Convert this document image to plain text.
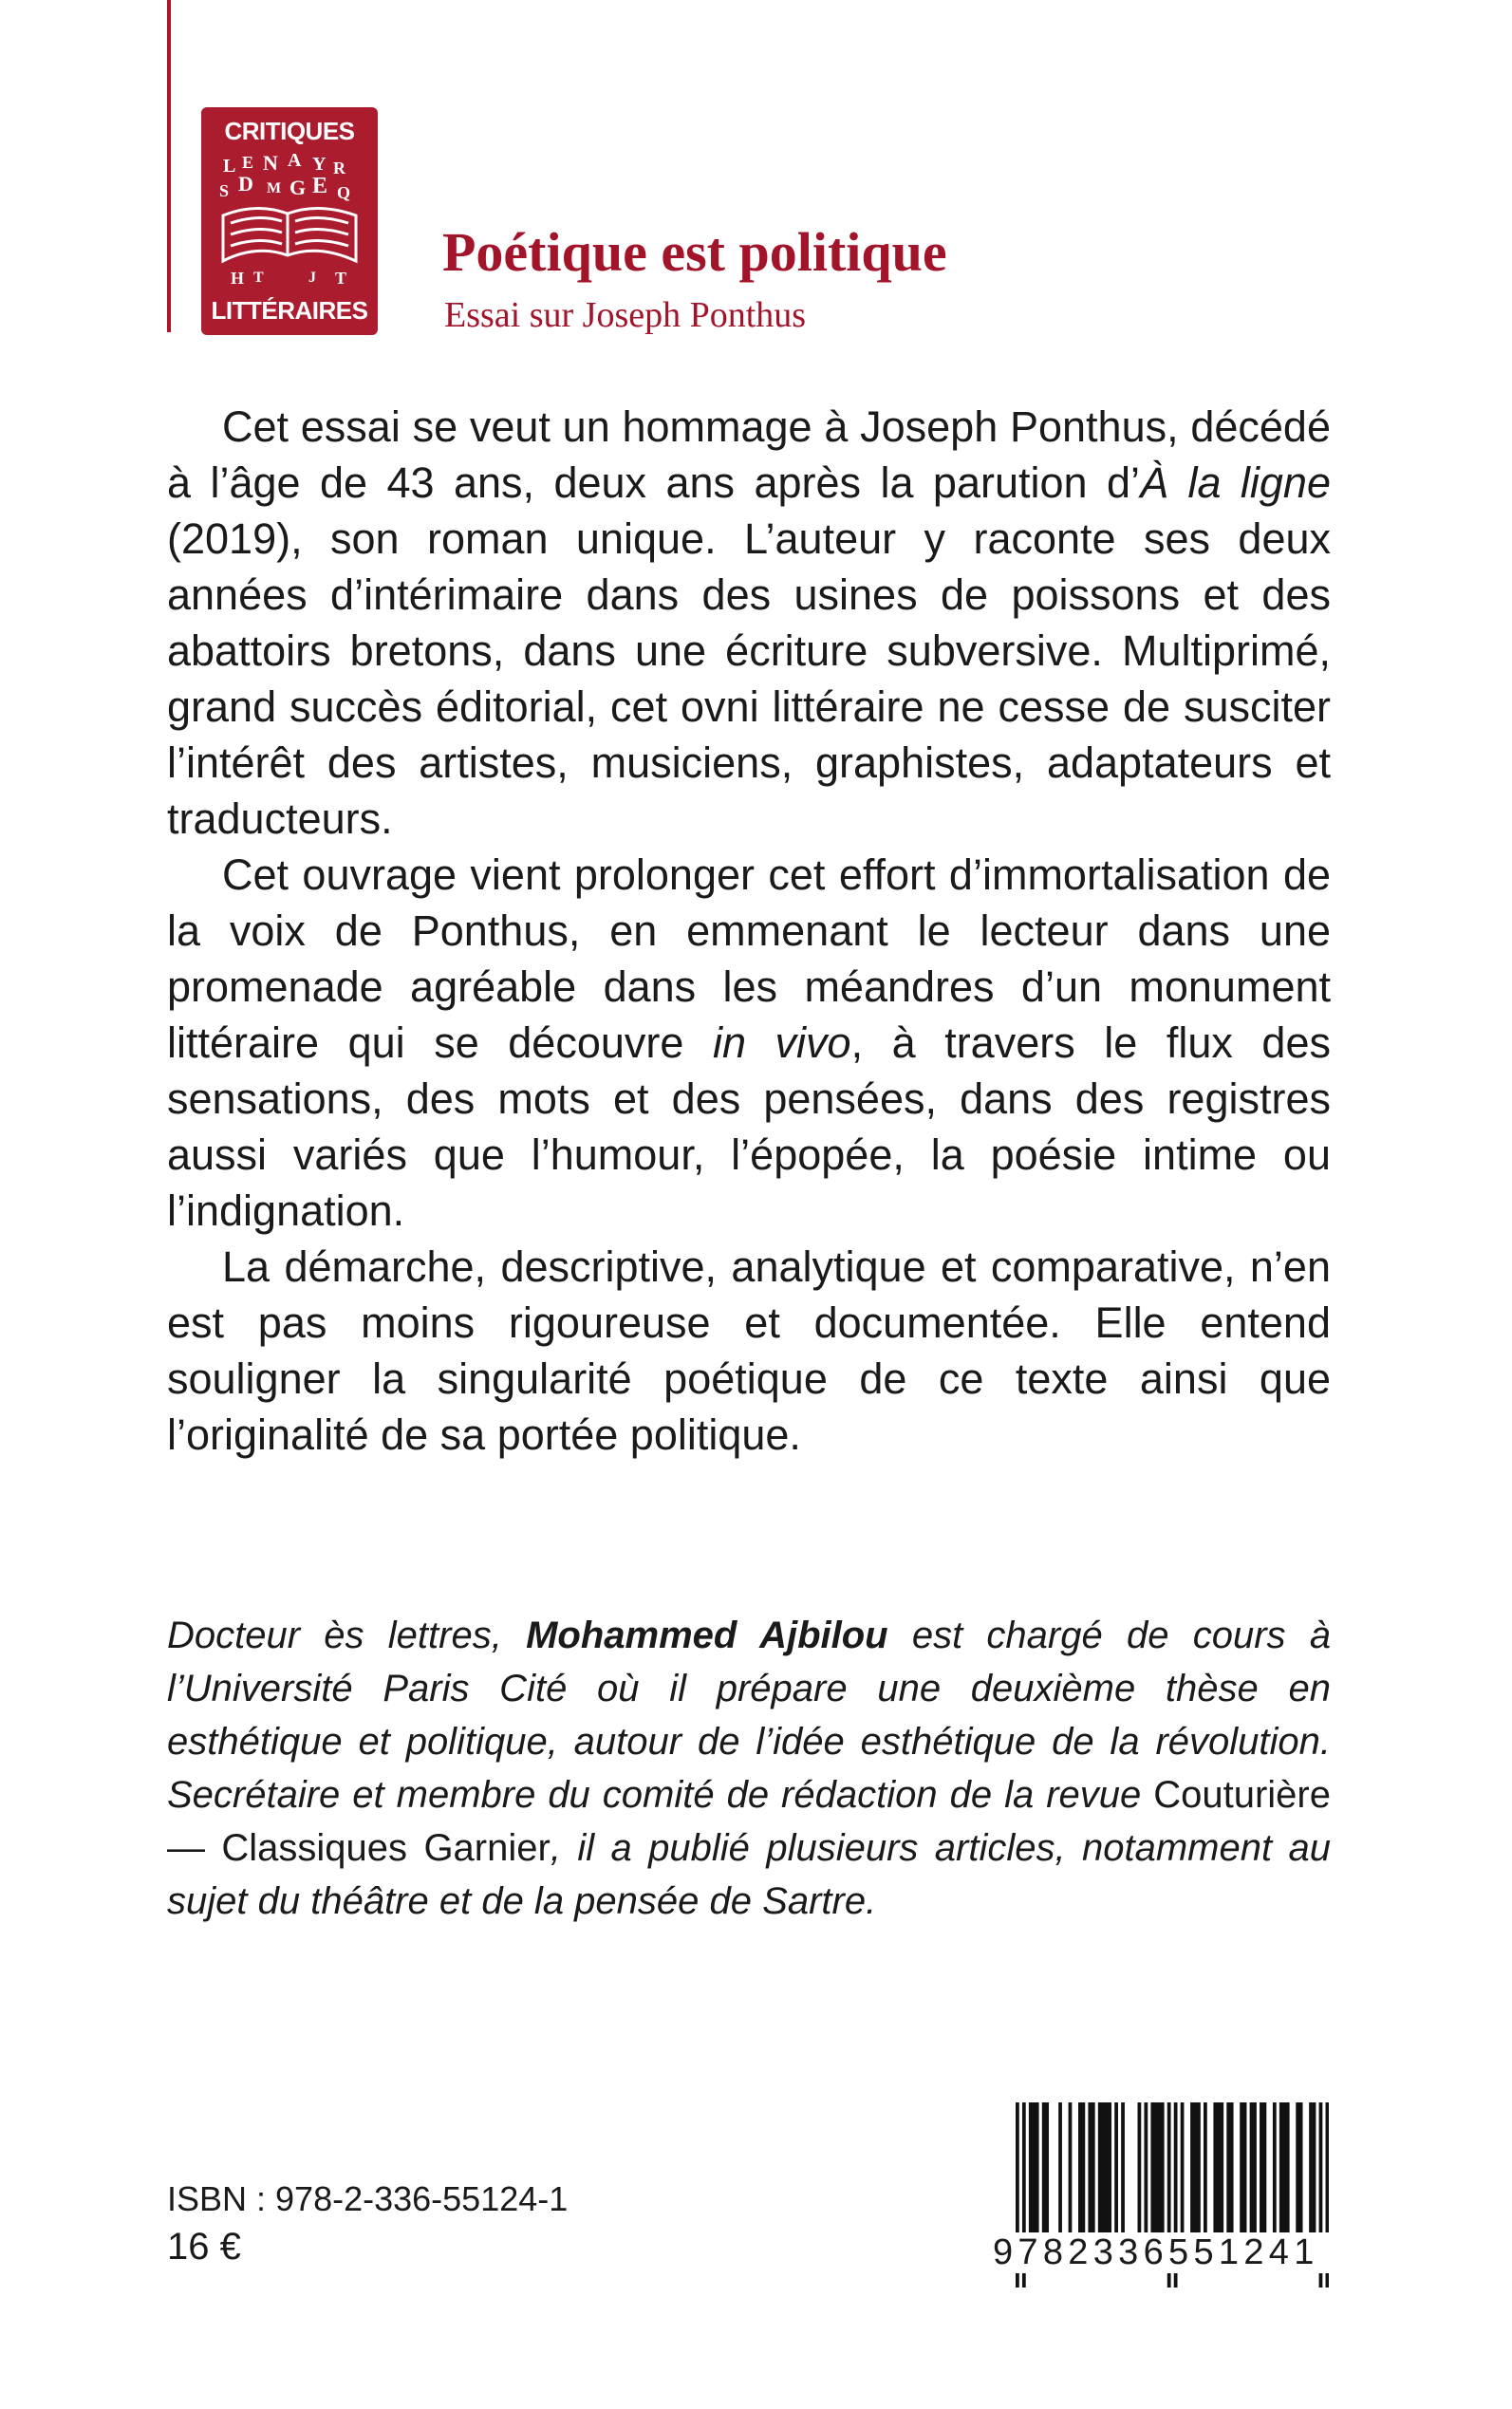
CRITIQUES
L E N A Y R
S D M G E Q
H T	J T
LITTÉRAIRES
Poétique est politique
Essai sur Joseph Ponthus

Cet essai se veut un hommage à Joseph Ponthus, décédé à l’âge de 43 ans, deux ans après la parution d’À la ligne (2019), son roman unique. L’auteur y raconte ses deux années d’intérimaire dans des usines de poissons et des abattoirs bretons, dans une écriture subversive. Multiprimé, grand succès éditorial, cet ovni littéraire ne cesse de susciter l’intérêt des artistes, musiciens, graphistes, adaptateurs et traducteurs.

Cet ouvrage vient prolonger cet effort d’immortalisation de la voix de Ponthus, en emmenant le lecteur dans une promenade agréable dans les méandres d’un monument littéraire qui se découvre in vivo, à travers le flux des sensations, des mots et des pensées, dans des registres aussi variés que l’humour, l’épopée, la poésie intime ou l’indignation.

La démarche, descriptive, analytique et comparative, n’en est pas moins rigoureuse et documentée. Elle entend souligner la singularité poétique de ce texte ainsi que l’originalité de sa portée politique.

Docteur ès lettres, Mohammed Ajbilou est chargé de cours à l’Université Paris Cité où il prépare une deuxième thèse en esthétique et politique, autour de l’idée esthétique de la révolution. Secrétaire et membre du comité de rédaction de la revue Couturière — Classiques Garnier, il a publié plusieurs articles, notamment au sujet du théâtre et de la pensée de Sartre.

ISBN : 978-2-336-55124-1
16 €	9782336551241
